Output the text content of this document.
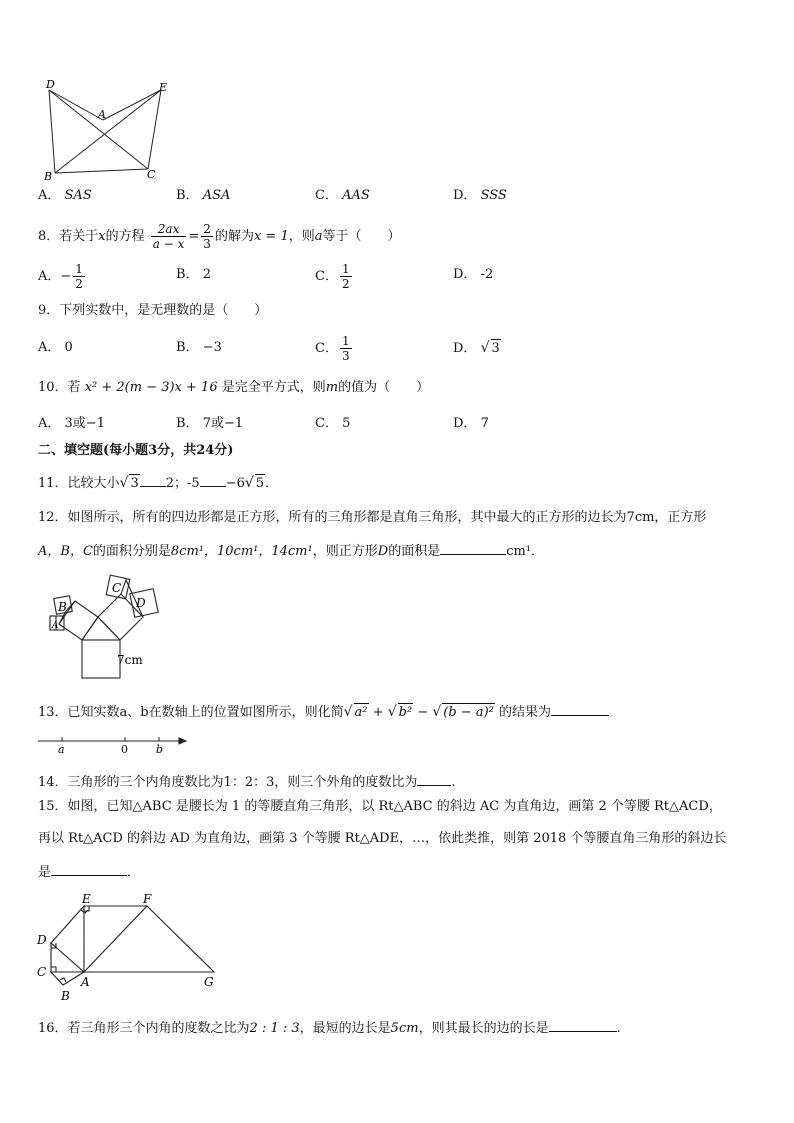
D	E
A
B	C
A． SAS	B． ASA	C． AAS	D． SSS
8．若关于x的方程 $\frac{2ax}{a - x} = \frac{2}{3}$ 的解为x = 1，则a等于（　　）
A．− $\frac{1}{2}$	B． 2	C． $\frac{1}{2}$	D． -2
9．下列实数中，是无理数的是（　　）
A． 0	B． −3	C． $\frac{1}{3}$	D． √ 3
10．若 x² + 2(m − 3)x + 16 是完全平方式，则m的值为（　　）
A． 3或−1	B． 7或−1	C． 5	D． 7
二、填空题(每小题3分，共24分)
11．比较大小√ 3 2；-5 −6√ 5．
12．如图所示，所有的四边形都是正方形，所有的三角形都是直角三角形，其中最大的正方形的边长为7cm，正方形
A，B，C的面积分别是8cm¹，10cm¹，14cm¹，则正方形D的面积是	cm¹．
B
A
C
D
7cm
13．已知实数a、b在数轴上的位置如图所示，则化简√ a² + √ b² − √ (b − a)² 的结果为
a	0	b
14．三角形的三个内角度数比为1：2：3，则三个外角的度数比为	.
15．如图，已知△ABC 是腰长为 1 的等腰直角三角形，以 Rt△ABC 的斜边 AC 为直角边，画第 2 个等腰 Rt△ACD，
再以 Rt△ACD 的斜边 AD 为直角边，画第 3 个等腰 Rt△ADE，…，依此类推，则第 2018 个等腰直角三角形的斜边长
是	．
E	F
D
C
A
B
G
16．若三角形三个内角的度数之比为2 : 1 : 3，最短的边长是5cm，则其最长的边的长是	.
